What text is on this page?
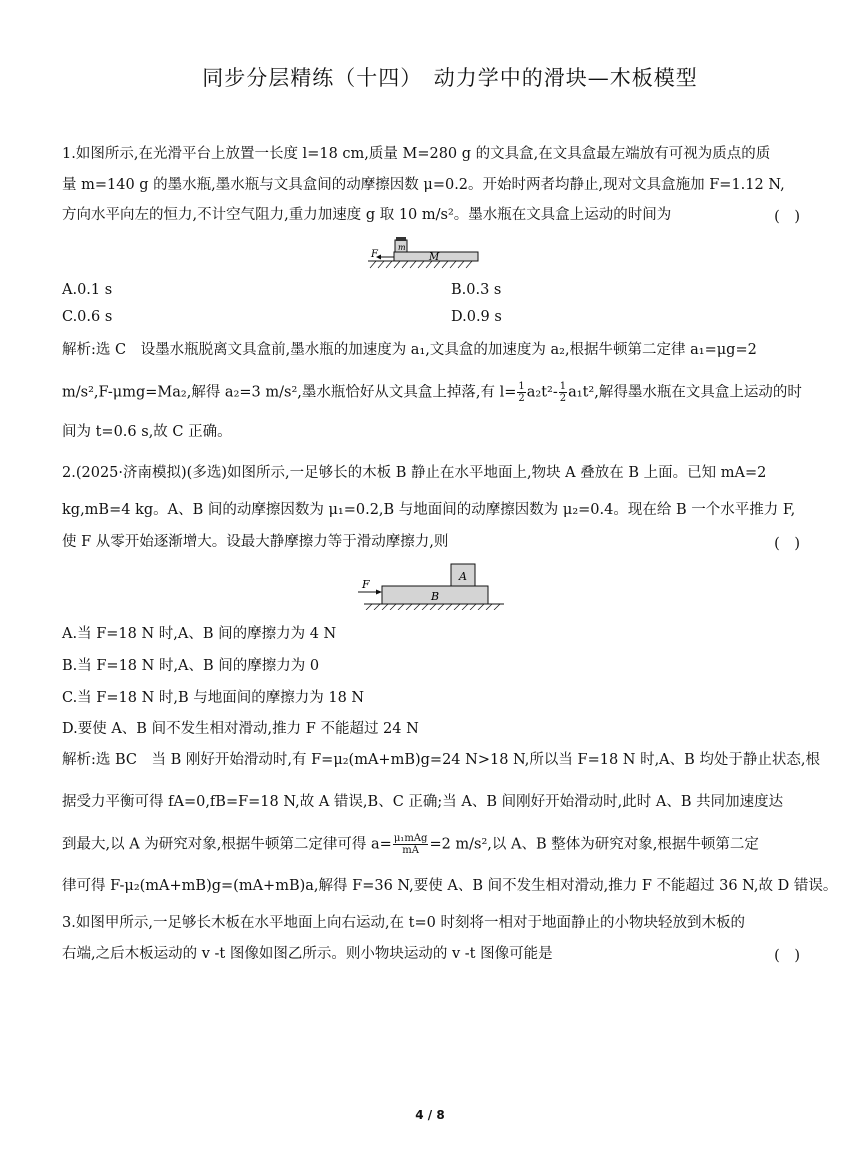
同步分层精练（十四）　动力学中的滑块—木板模型
1.如图所示,在光滑平台上放置一长度 l=18 cm,质量 M=280 g 的文具盒,在文具盒最左端放有可视为质点的质
量 m=140 g 的墨水瓶,墨水瓶与文具盒间的动摩擦因数 μ=0.2。开始时两者均静止,现对文具盒施加 F=1.12 N,
方向水平向左的恒力,不计空气阻力,重力加速度 g 取 10 m/s²。墨水瓶在文具盒上运动的时间为	(　)
F
m
M
A.0.1 s	B.0.3 s
C.0.6 s	D.0.9 s
解析:选 C　设墨水瓶脱离文具盒前,墨水瓶的加速度为 a₁,文具盒的加速度为 a₂,根据牛顿第二定律 a₁=μg=2
m/s²,F-μmg=Ma₂,解得 a₂=3 m/s²,墨水瓶恰好从文具盒上掉落,有 $l= \frac{1}{2} a_2t^2- \frac{1}{2} a_1t^2$,解得墨水瓶在文具盒上运动的时
间为 t=0.6 s,故 C 正确。
2.(2025·济南模拟)(多选)如图所示,一足够长的木板 B 静止在水平地面上,物块 A 叠放在 B 上面。已知 mA=2
kg,mB=4 kg。A、B 间的动摩擦因数为 μ₁=0.2,B 与地面间的动摩擦因数为 μ₂=0.4。现在给 B 一个水平推力 F,
使 F 从零开始逐渐增大。设最大静摩擦力等于滑动摩擦力,则	(　)
F
A
B
A.当 F=18 N 时,A、B 间的摩擦力为 4 N
B.当 F=18 N 时,A、B 间的摩擦力为 0
C.当 F=18 N 时,B 与地面间的摩擦力为 18 N
D.要使 A、B 间不发生相对滑动,推力 F 不能超过 24 N
解析:选 BC　当 B 刚好开始滑动时,有 F=μ₂(mA+mB)g=24 N>18 N,所以当 F=18 N 时,A、B 均处于静止状态,根
据受力平衡可得 fA=0,fB=F=18 N,故 A 错误,B、C 正确;当 A、B 间刚好开始滑动时,此时 A、B 共同加速度达
到最大,以 A 为研究对象,根据牛顿第二定律可得 $a= \frac{\text{μ₁mAg}}{mA} =2$ m/s²,以 A、B 整体为研究对象,根据牛顿第二定
律可得 F-μ₂(mA+mB)g=(mA+mB)a,解得 F=36 N,要使 A、B 间不发生相对滑动,推力 F 不能超过 36 N,故 D 错误。
3.如图甲所示,一足够长木板在水平地面上向右运动,在 t=0 时刻将一相对于地面静止的小物块轻放到木板的
右端,之后木板运动的 v -t 图像如图乙所示。则小物块运动的 v -t 图像可能是	(　)
4 / 8
